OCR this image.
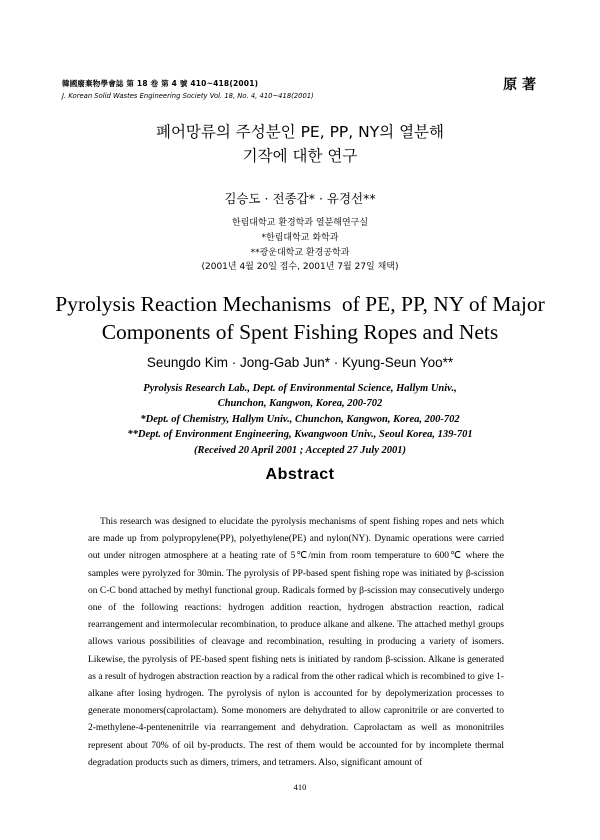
韓國廢棄物學會誌 第 18 卷 第 4 號 410~418(2001)
J. Korean Solid Wastes Engineering Society Vol. 18, No. 4, 410~418(2001)
原 著
폐어망류의 주성분인 PE, PP, NY의 열분해
기작에 대한 연구
김승도 · 전종갑* · 유경선**
한림대학교 환경학과 열분해연구실
*한림대학교 화학과
**광운대학교 환경공학과
(2001년 4월 20일 접수, 2001년 7월 27일 채택)
Pyrolysis Reaction Mechanisms  of PE, PP, NY of Major
Components of Spent Fishing Ropes and Nets
Seungdo Kim · Jong-Gab Jun* · Kyung-Seun Yoo**
Pyrolysis Research Lab., Dept. of Environmental Science, Hallym Univ.,
Chunchon, Kangwon, Korea, 200-702
*Dept. of Chemistry, Hallym Univ., Chunchon, Kangwon, Korea, 200-702
**Dept. of Environment Engineering, Kwangwoon Univ., Seoul Korea, 139-701
(Received 20 April 2001 ; Accepted 27 July 2001)
Abstract
This research was designed to elucidate the pyrolysis mechanisms of spent fishing ropes and nets which are made up from polypropylene(PP), polyethylene(PE) and nylon(NY). Dynamic operations were carried out under nitrogen atmosphere at a heating rate of 5℃/min from room temperature to 600℃ where the samples were pyrolyzed for 30min. The pyrolysis of PP-based spent fishing rope was initiated by β-scission on C-C bond attached by methyl functional group. Radicals formed by β-scission may consecutively undergo one of the following reactions: hydrogen addition reaction, hydrogen abstraction reaction, radical rearrangement and intermolecular recombination, to produce alkane and alkene. The attached methyl groups allows various possibilities of cleavage and recombination, resulting in producing a variety of isomers. Likewise, the pyrolysis of PE-based spent fishing nets is initiated by random β-scission. Alkane is generated as a result of hydrogen abstraction reaction by a radical from the other radical which is recombined to give 1-alkane after losing hydrogen. The pyrolysis of nylon is accounted for by depolymerization processes to generate monomers(caprolactam). Some monomers are dehydrated to allow capronitrile or are converted to 2-methylene-4-pentenenitrile via rearrangement and dehydration. Caprolactam as well as mononitriles represent about 70% of oil by-products. The rest of them would be accounted for by incomplete thermal degradation products such as dimers, trimers, and tetramers. Also, significant amount of
410
